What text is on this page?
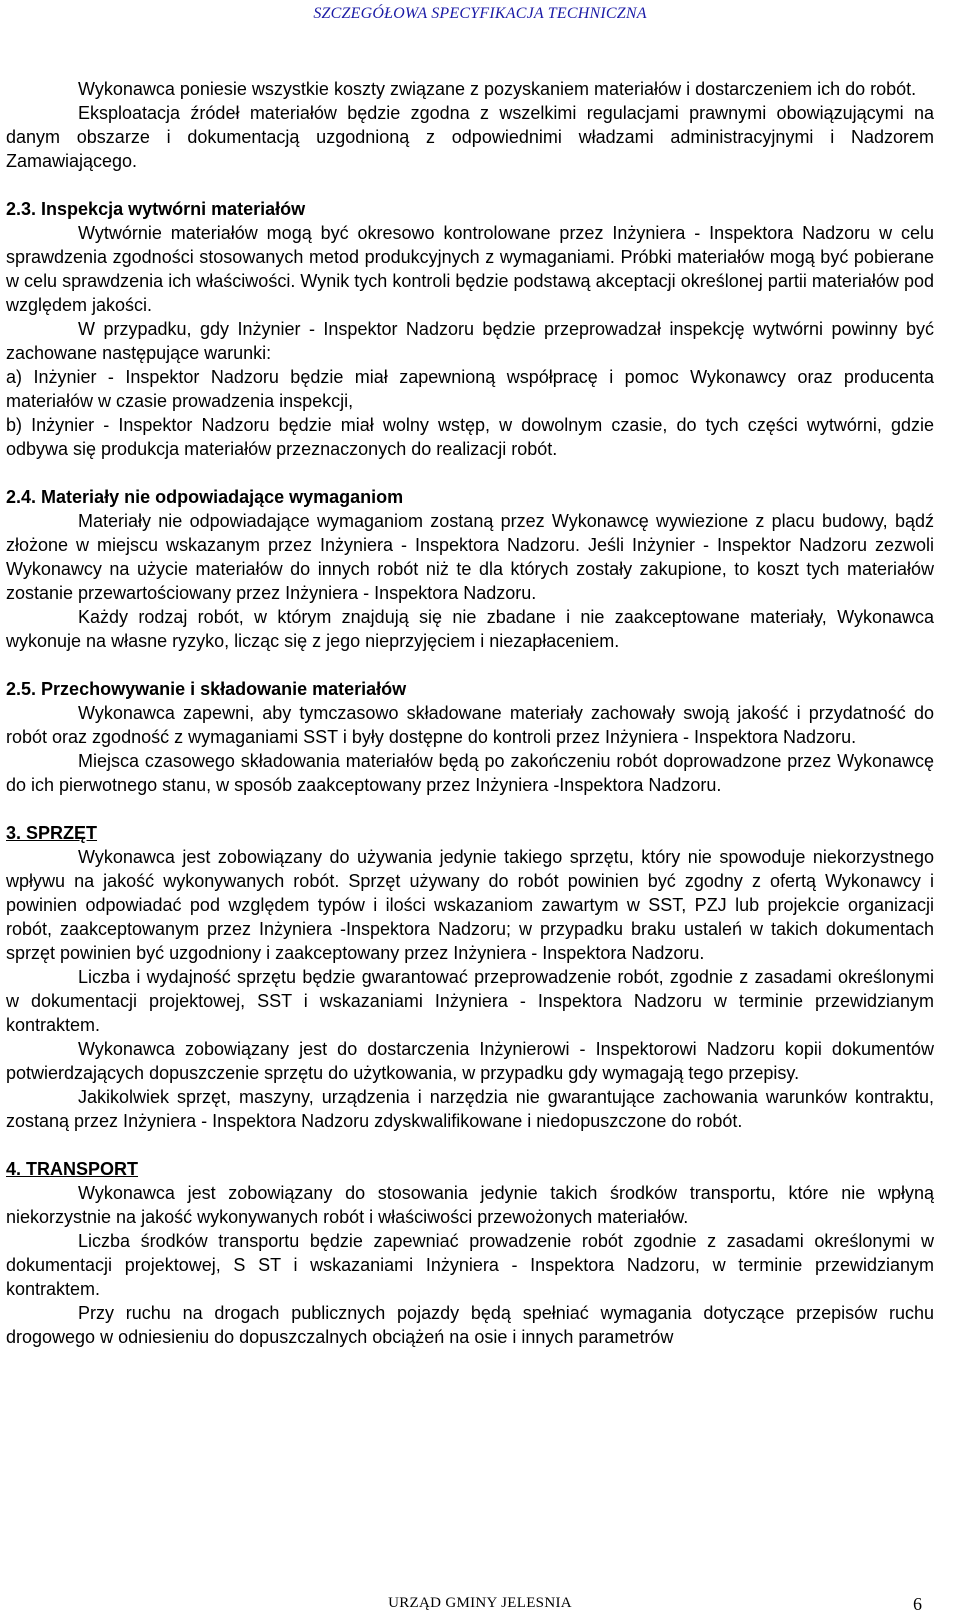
SZCZEGÓŁOWA SPECYFIKACJA TECHNICZNA

Wykonawca poniesie wszystkie koszty związane z pozyskaniem materiałów i dostarczeniem ich do robót.

Eksploatacja źródeł materiałów będzie zgodna z wszelkimi regulacjami prawnymi obowiązującymi na danym obszarze i dokumentacją uzgodnioną z odpowiednimi władzami administracyjnymi i Nadzorem Zamawiającego.

2.3. Inspekcja wytwórni materiałów

Wytwórnie materiałów mogą być okresowo kontrolowane przez Inżyniera - Inspektora Nadzoru w celu sprawdzenia zgodności stosowanych metod produkcyjnych z wymaganiami. Próbki materiałów mogą być pobierane w celu sprawdzenia ich właściwości. Wynik tych kontroli będzie podstawą akceptacji określonej partii materiałów pod względem jakości.

W przypadku, gdy Inżynier - Inspektor Nadzoru będzie przeprowadzał inspekcję wytwórni powinny być zachowane następujące warunki:

a) Inżynier - Inspektor Nadzoru będzie miał zapewnioną współpracę i pomoc Wykonawcy oraz producenta materiałów w czasie prowadzenia inspekcji,

b) Inżynier - Inspektor Nadzoru będzie miał wolny wstęp, w dowolnym czasie, do tych części wytwórni, gdzie odbywa się produkcja materiałów przeznaczonych do realizacji robót.

2.4. Materiały nie odpowiadające wymaganiom

Materiały nie odpowiadające wymaganiom zostaną przez Wykonawcę wywiezione z placu budowy, bądź złożone w miejscu wskazanym przez Inżyniera - Inspektora Nadzoru. Jeśli Inżynier - Inspektor Nadzoru zezwoli Wykonawcy na użycie materiałów do innych robót niż te dla których zostały zakupione, to koszt tych materiałów zostanie przewartościowany przez Inżyniera - Inspektora Nadzoru.

Każdy rodzaj robót, w którym znajdują się nie zbadane i nie zaakceptowane materiały, Wykonawca wykonuje na własne ryzyko, licząc się z jego nieprzyjęciem i niezapłaceniem.

2.5. Przechowywanie i składowanie materiałów

Wykonawca zapewni, aby tymczasowo składowane materiały zachowały swoją jakość i przydatność do robót oraz zgodność z wymaganiami SST i były dostępne do kontroli przez Inżyniera - Inspektora Nadzoru.

Miejsca czasowego składowania materiałów będą po zakończeniu robót doprowadzone przez Wykonawcę do ich pierwotnego stanu, w sposób zaakceptowany przez Inżyniera -Inspektora Nadzoru.

3. SPRZĘT

Wykonawca jest zobowiązany do używania jedynie takiego sprzętu, który nie spowoduje niekorzystnego wpływu na jakość wykonywanych robót. Sprzęt używany do robót powinien być zgodny z ofertą Wykonawcy i powinien odpowiadać pod względem typów i ilości wskazaniom zawartym w SST, PZJ lub projekcie organizacji robót, zaakceptowanym przez Inżyniera -Inspektora Nadzoru; w przypadku braku ustaleń w takich dokumentach sprzęt powinien być uzgodniony i zaakceptowany przez Inżyniera - Inspektora Nadzoru.

Liczba i wydajność sprzętu będzie gwarantować przeprowadzenie robót, zgodnie z zasadami określonymi w dokumentacji projektowej, SST i wskazaniami Inżyniera - Inspektora Nadzoru w terminie przewidzianym kontraktem.

Wykonawca zobowiązany jest do dostarczenia Inżynierowi - Inspektorowi Nadzoru kopii dokumentów potwierdzających dopuszczenie sprzętu do użytkowania, w przypadku gdy wymagają tego przepisy.

Jakikolwiek sprzęt, maszyny, urządzenia i narzędzia nie gwarantujące zachowania warunków kontraktu, zostaną przez Inżyniera - Inspektora Nadzoru zdyskwalifikowane i niedopuszczone do robót.

4. TRANSPORT

Wykonawca jest zobowiązany do stosowania jedynie takich środków transportu, które nie wpłyną niekorzystnie na jakość wykonywanych robót i właściwości przewożonych materiałów.

Liczba środków transportu będzie zapewniać prowadzenie robót zgodnie z zasadami określonymi w dokumentacji projektowej, S ST i wskazaniami Inżyniera - Inspektora Nadzoru, w terminie przewidzianym kontraktem.

Przy ruchu na drogach publicznych pojazdy będą spełniać wymagania dotyczące przepisów ruchu drogowego w odniesieniu do dopuszczalnych obciążeń na osie i innych parametrów

URZĄD GMINY JELESNIA	6
